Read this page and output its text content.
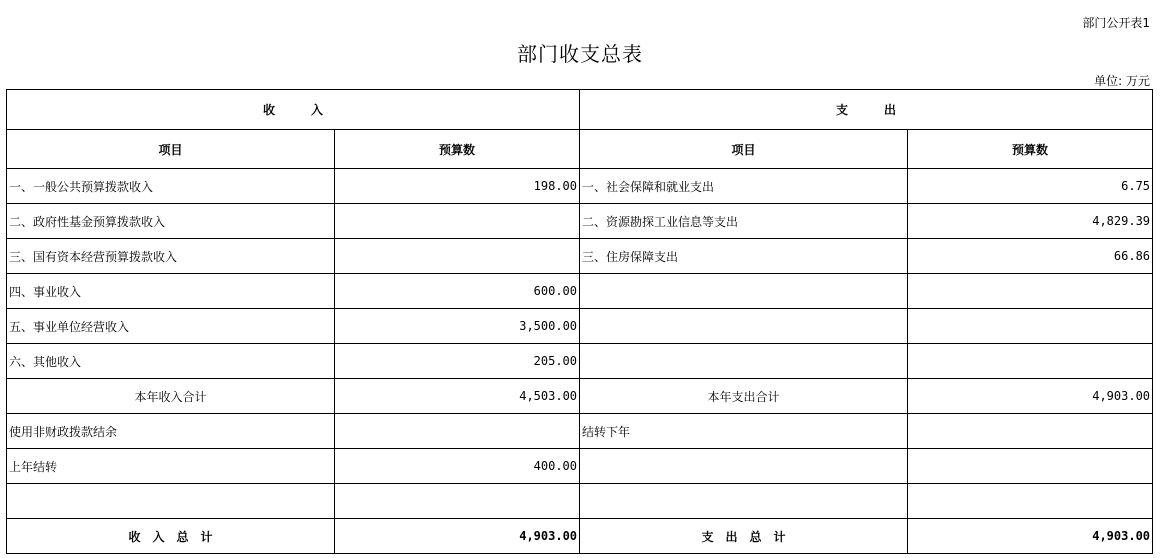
部门公开表1
部门收支总表
单位: 万元
收　　　入		支　　　出	
项目	预算数	项目	预算数
一、一般公共预算拨款收入	198.00	一、社会保障和就业支出	6.75
二、政府性基金预算拨款收入		二、资源勘探工业信息等支出	4,829.39
三、国有资本经营预算拨款收入		三、住房保障支出	66.86
四、事业收入	600.00		
五、事业单位经营收入	3,500.00		
六、其他收入	205.00		
本年收入合计	4,503.00	本年支出合计	4,903.00
使用非财政拨款结余		结转下年	
上年结转	400.00		

收　入　总　计	4,903.00	支　出　总　计	4,903.00
